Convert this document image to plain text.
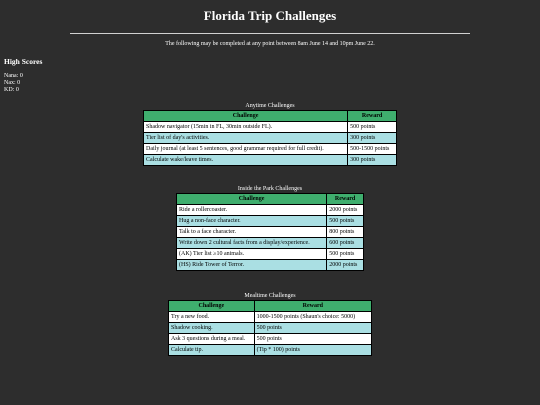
Florida Trip Challenges
The following may be completed at any point between 8am June 14 and 10pm June 22.
High Scores
Nana: 0
Nax: 0
KD: 0
Anytime Challenges
Challenge	Reward
Shadow navigator (15min in FL, 30min outside FL).	500 points
Tier list of day's activities.	300 points
Daily journal (at least 5 sentences, good grammar required for full credit).	500-1500 points
Calculate wake/leave times.	300 points
Inside the Park Challenges
Challenge	Reward
Ride a rollercoaster.	2000 points
Hug a non-face character.	500 points
Talk to a face character.	800 points
Write down 2 cultural facts from a display/experience.	600 points
(AK) Tier list ≥10 animals.	500 points
(HS) Ride Tower of Terror.	2000 points
Mealtime Challenges
Challenge	Reward
Try a new food.	1000-1500 points (Shaun's choice: 5000)
Shadow cooking.	500 points
Ask 3 questions during a meal.	500 points
Calculate tip.	(Tip * 100) points
